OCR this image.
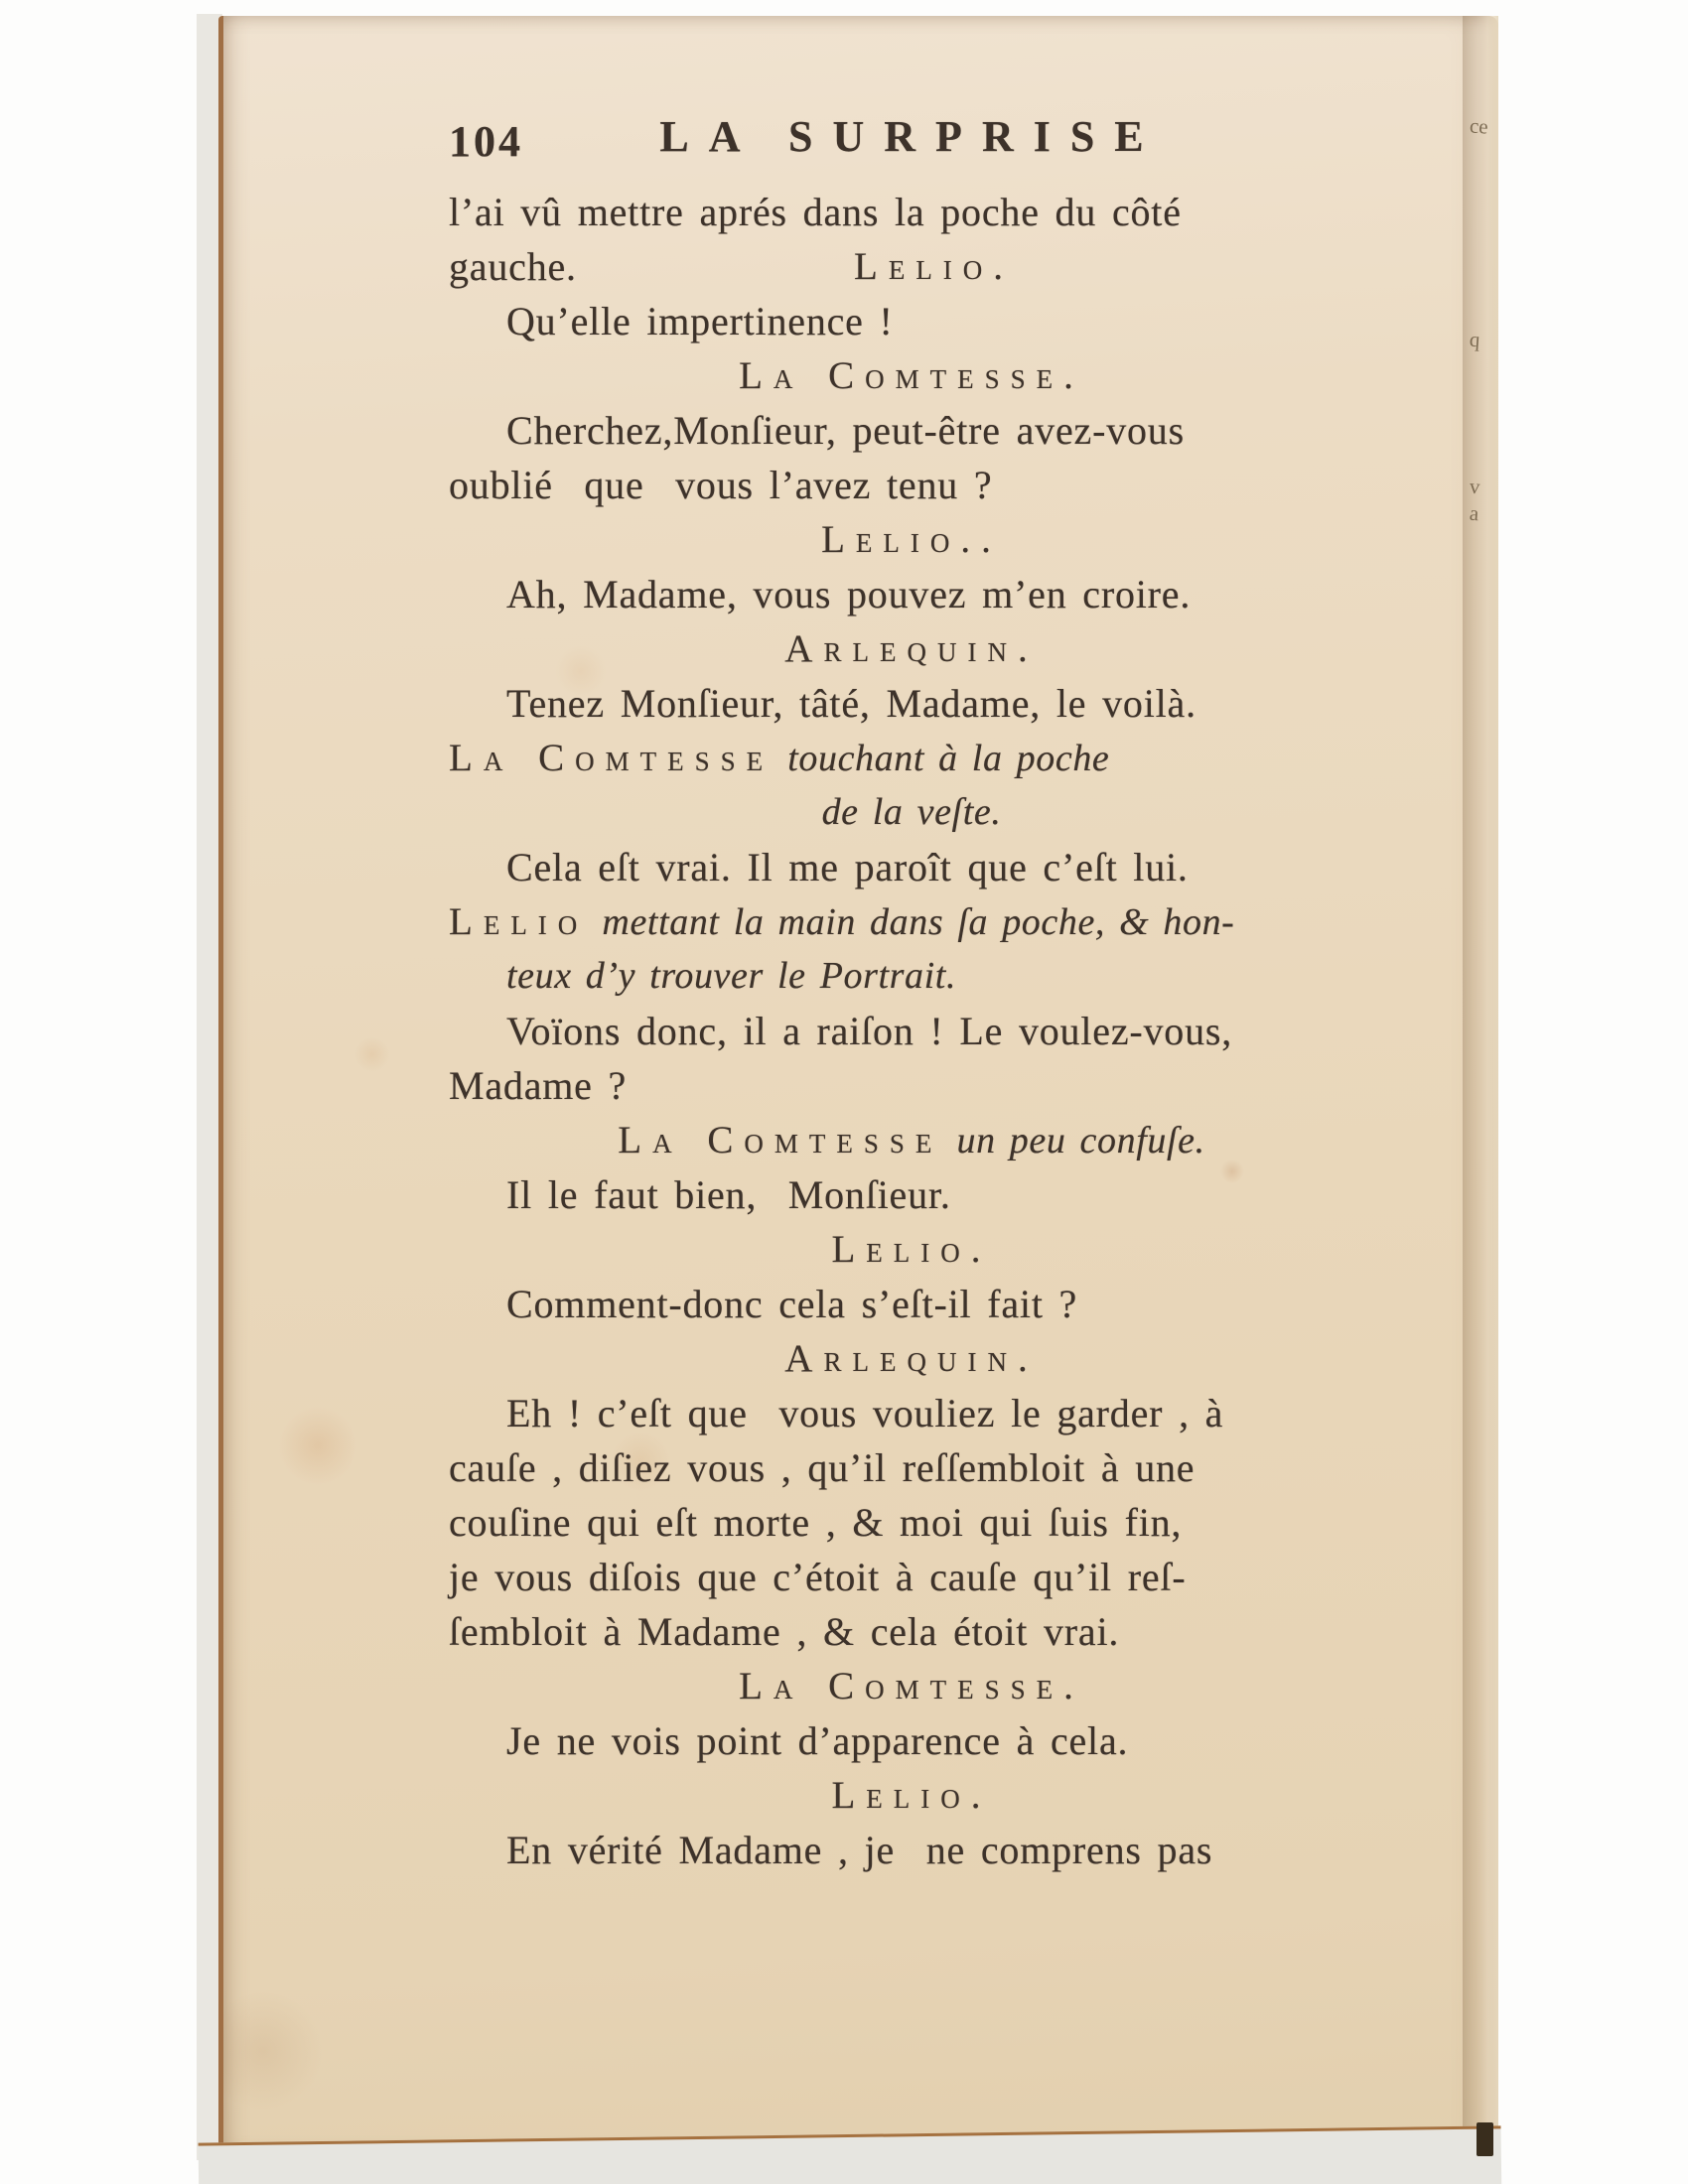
104	LA SURPRISE
l’ai vû mettre aprés dans la poche du côté
gauche.	Lelio.
Qu’elle impertinence !
La Comtesse.
Cherchez,Monſieur, peut-être avez-vous
oublié  que  vous l’avez tenu ?
Lelio..
Ah, Madame, vous pouvez m’en croire.
Arlequin.
Tenez Monſieur, tâté, Madame, le voilà.
La Comtesse touchant à la poche
de la veſte.
Cela eſt vrai. Il me paroît que c’eſt lui.
Lelio mettant la main dans ſa poche, & hon-
teux d’y trouver le Portrait.
Voïons donc, il a raiſon ! Le voulez-vous,
Madame ?
La Comtesse un peu confuſe.
Il le faut bien,  Monſieur.
Lelio.
Comment-donc cela s’eſt-il fait ?
Arlequin.
Eh ! c’eſt que  vous vouliez le garder , à
cauſe , diſiez vous , qu’il reſſembloit à une
couſine qui eſt morte , & moi qui ſuis fin,
je vous diſois que c’étoit à cauſe qu’il reſ-
ſembloit à Madame , & cela étoit vrai.
La Comtesse.
Je ne vois point d’apparence à cela.
Lelio.
En vérité Madame , je  ne comprens pas
ce
q
v
a
